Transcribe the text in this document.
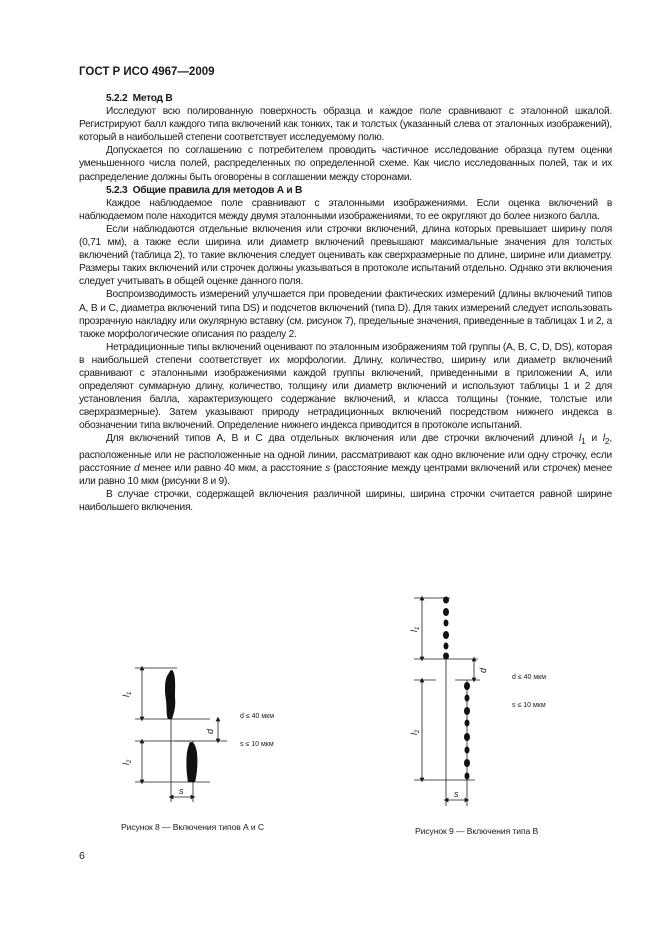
ГОСТ Р ИСО 4967—2009

5.2.2 Метод В

Исследуют всю полированную поверхность образца и каждое поле сравнивают с эталонной шкалой. Регистрируют балл каждого типа включений как тонких, так и толстых (указанный слева от эталонных изображений), который в наибольшей степени соответствует исследуемому полю.

Допускается по соглашению с потребителем проводить частичное исследование образца путем оценки уменьшенного числа полей, распределенных по определенной схеме. Как число исследованных полей, так и их распределение должны быть оговорены в соглашении между сторонами.

5.2.3 Общие правила для методов А и В

Каждое наблюдаемое поле сравнивают с эталонными изображениями. Если оценка включений в наблюдаемом поле находится между двумя эталонными изображениями, то ее округляют до более низкого балла.

Если наблюдаются отдельные включения или строчки включений, длина которых превышает ширину поля (0,71 мм), а также если ширина или диаметр включений превышают максимальные значения для толстых включений (таблица 2), то такие включения следует оценивать как сверхразмерные по длине, ширине или диаметру. Размеры таких включений или строчек должны указываться в протоколе испытаний отдельно. Однако эти включения следует учитывать в общей оценке данного поля.

Воспроизводимость измерений улучшается при проведении фактических измерений (длины включений типов А, В и С, диаметра включений типа DS) и подсчетов включений (типа D). Для таких измерений следует использовать прозрачную накладку или окулярную вставку (см. рисунок 7), предельные значения, приведенные в таблицах 1 и 2, а также морфологические описания по разделу 2.

Нетрадиционные типы включений оценивают по эталонным изображениям той группы (А, В, С, D, DS), которая в наибольшей степени соответствует их морфологии. Длину, количество, ширину или диаметр включений сравнивают с эталонными изображениями каждой группы включений, приведенными в приложении А, или определяют суммарную длину, количество, толщину или диаметр включений и используют таблицы 1 и 2 для установления балла, характеризующего содержание включений, и класса толщины (тонкие, толстые или сверхразмерные). Затем указывают природу нетрадиционных включений посредством нижнего индекса в обозначении типа включений. Определение нижнего индекса приводится в протоколе испытаний.

Для включений типов А, В и С два отдельных включения или две строчки включений длиной $l_1$ и $l_2$, расположенные или не расположенные на одной линии, рассматривают как одно включение или одну строчку, если расстояние d менее или равно 40 мкм, а расстояние s (расстояние между центрами включений или строчек) менее или равно 10 мкм (рисунки 8 и 9).

В случае строчки, содержащей включения различной ширины, ширина строчки считается равной ширине наибольшего включения.

$l_1$
$l_2$
d
s
d ≤ 40 мкм
s ≤ 10 мкм
Рисунок 8 — Включения типов А и С
$l_1$
$l_2$
d
s
d ≤ 40 мкм
s ≤ 10 мкм
Рисунок 9 — Включения типа В
6
